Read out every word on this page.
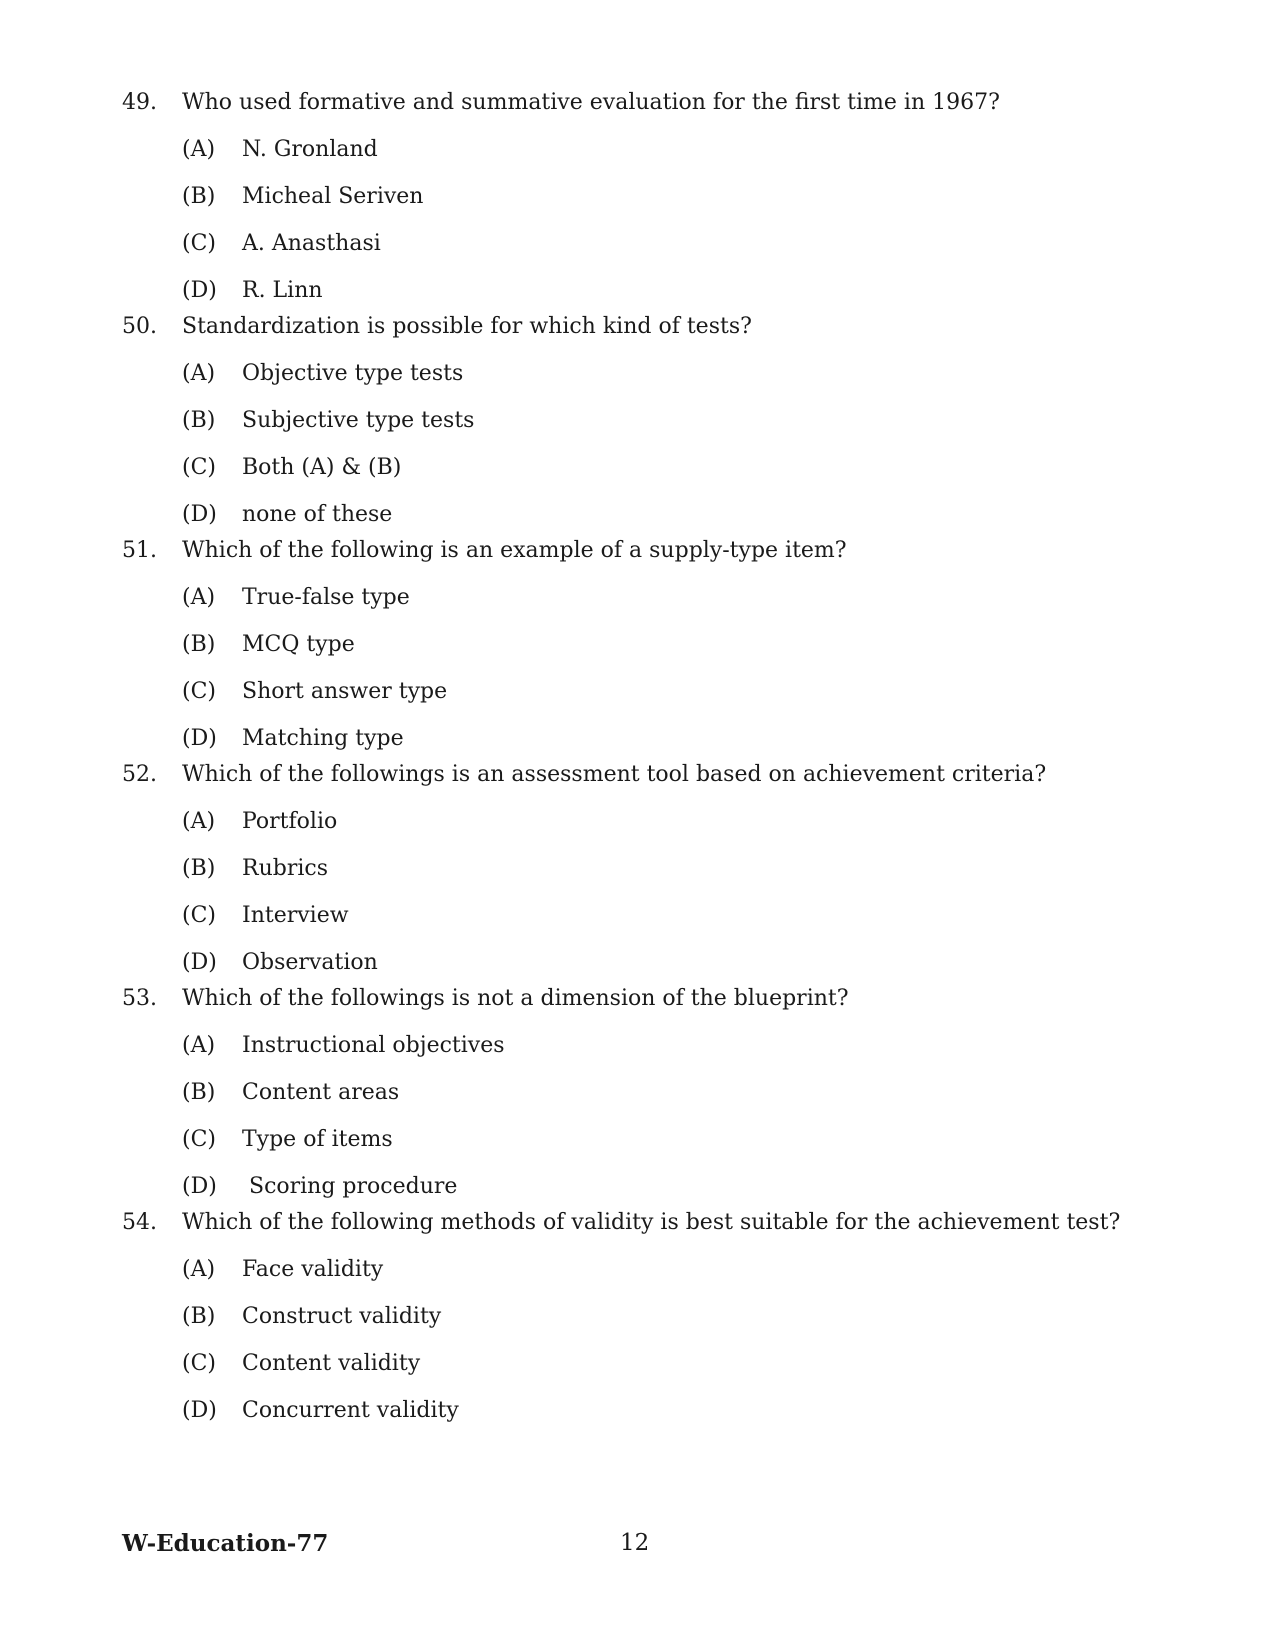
49.	Who used formative and summative evaluation for the first time in 1967?
(A)	N. Gronland
(B)	Micheal Seriven
(C)	A. Anasthasi
(D)	R. Linn
50.	Standardization is possible for which kind of tests?
(A)	Objective type tests
(B)	Subjective type tests
(C)	Both (A) & (B)
(D)	none of these
51.	Which of the following is an example of a supply-type item?
(A)	True-false type
(B)	MCQ type
(C)	Short answer type
(D)	Matching type
52.	Which of the followings is an assessment tool based on achievement criteria?
(A)	Portfolio
(B)	Rubrics
(C)	Interview
(D)	Observation
53.	Which of the followings is not a dimension of the blueprint?
(A)	Instructional objectives
(B)	Content areas
(C)	Type of items
(D)	Scoring procedure
54.	Which of the following methods of validity is best suitable for the achievement test?
(A)	Face validity
(B)	Construct validity
(C)	Content validity
(D)	Concurrent validity
W-Education-77	12
